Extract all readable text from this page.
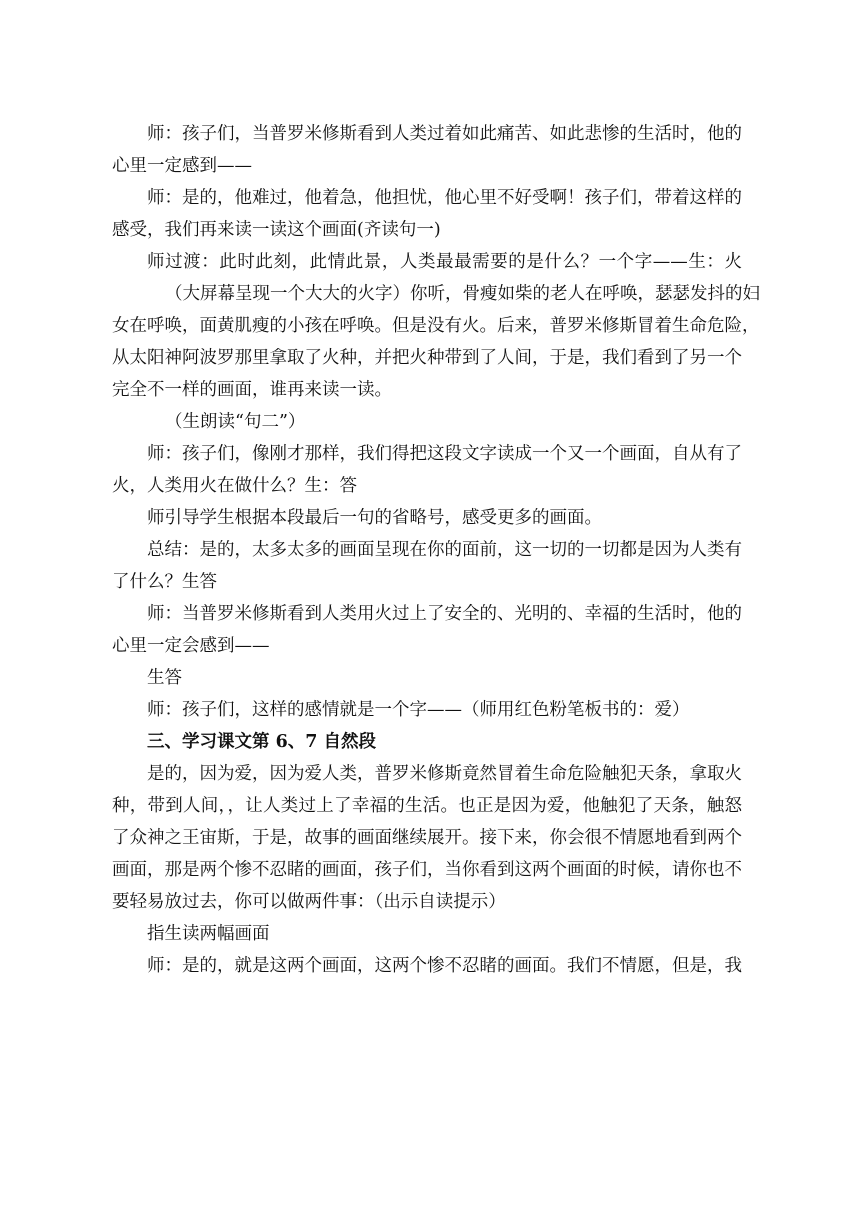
师：孩子们，当普罗米修斯看到人类过着如此痛苦、如此悲惨的生活时，他的
心里一定感到——
师：是的，他难过，他着急，他担忧，他心里不好受啊！孩子们，带着这样的
感受，我们再来读一读这个画面(齐读句一)
师过渡：此时此刻，此情此景，人类最最需要的是什么？一个字——生：火
（大屏幕呈现一个大大的火字）你听，骨瘦如柴的老人在呼唤，瑟瑟发抖的妇
女在呼唤，面黄肌瘦的小孩在呼唤。但是没有火。后来，普罗米修斯冒着生命危险，
从太阳神阿波罗那里拿取了火种，并把火种带到了人间，于是，我们看到了另一个
完全不一样的画面，谁再来读一读。
（生朗读“句二”）
师：孩子们，像刚才那样，我们得把这段文字读成一个又一个画面，自从有了
火，人类用火在做什么？生：答
师引导学生根据本段最后一句的省略号，感受更多的画面。
总结：是的，太多太多的画面呈现在你的面前，这一切的一切都是因为人类有
了什么？生答
师：当普罗米修斯看到人类用火过上了安全的、光明的、幸福的生活时，他的
心里一定会感到——
生答
师：孩子们，这样的感情就是一个字——（师用红色粉笔板书的：爱）
三、学习课文第 6、7 自然段
是的，因为爱，因为爱人类，普罗米修斯竟然冒着生命危险触犯天条，拿取火
种，带到人间，，让人类过上了幸福的生活。也正是因为爱，他触犯了天条，触怒
了众神之王宙斯，于是，故事的画面继续展开。接下来，你会很不情愿地看到两个
画面，那是两个惨不忍睹的画面，孩子们，当你看到这两个画面的时候，请你也不
要轻易放过去，你可以做两件事：（出示自读提示）
指生读两幅画面
师：是的，就是这两个画面，这两个惨不忍睹的画面。我们不情愿，但是，我
